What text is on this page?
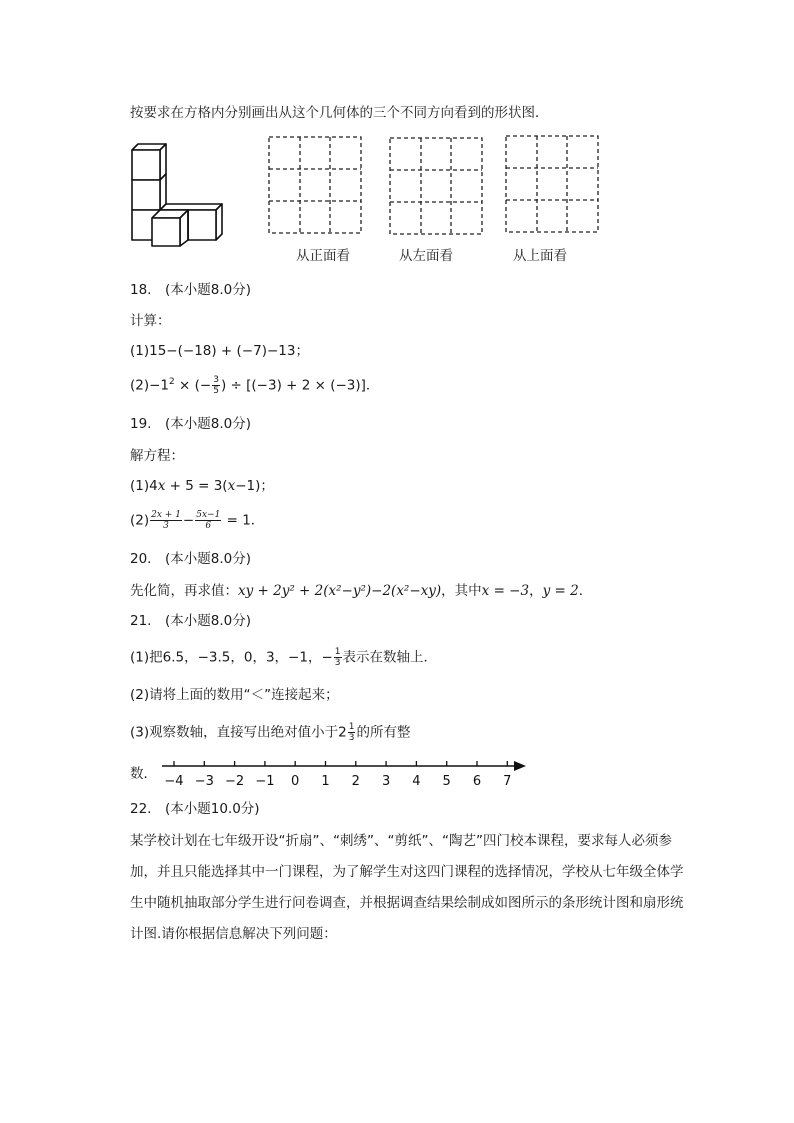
按要求在方格内分别画出从这个几何体的三个不同方向看到的形状图．
从正面看	从左面看	从上面看
18.　(本小题8.0分)
计算：
(1)15−(−18) + (−7)−13；
$(2)-1^2$ × (− $\frac{3}{5}$ ) ÷ [(−3) + 2 × (−3)]．
19.　(本小题8.0分)
解方程：
(1)4x + 5 = 3(x−1)；
$(2) \frac{2x + 1}{3} - \frac{5x-1}{6} = 1$．
20.　(本小题8.0分)
先化简，再求值：xy + 2y² + 2(x²−y²)−2(x²−xy)，其中x = −3，y = 2．
21.　(本小题8.0分)
(1)把6.5，−3.5，0，3，−1，− $\frac{1}{3}$ 表示在数轴上．
(2)请将上面的数用“＜”连接起来；
(3)观察数轴，直接写出绝对值小于$2 \frac{1}{3}$ 的所有整
数． −4 −3 −2 −1 0 1 2 3 4 5 6 7
22.　(本小题10.0分)
某学校计划在七年级开设“折扇”、“刺绣”、“剪纸”、“陶艺”四门校本课程，要求每人必须参加，并且只能选择其中一门课程，为了解学生对这四门课程的选择情况，学校从七年级全体学生中随机抽取部分学生进行问卷调查，并根据调查结果绘制成如图所示的条形统计图和扇形统计图.请你根据信息解决下列问题：
